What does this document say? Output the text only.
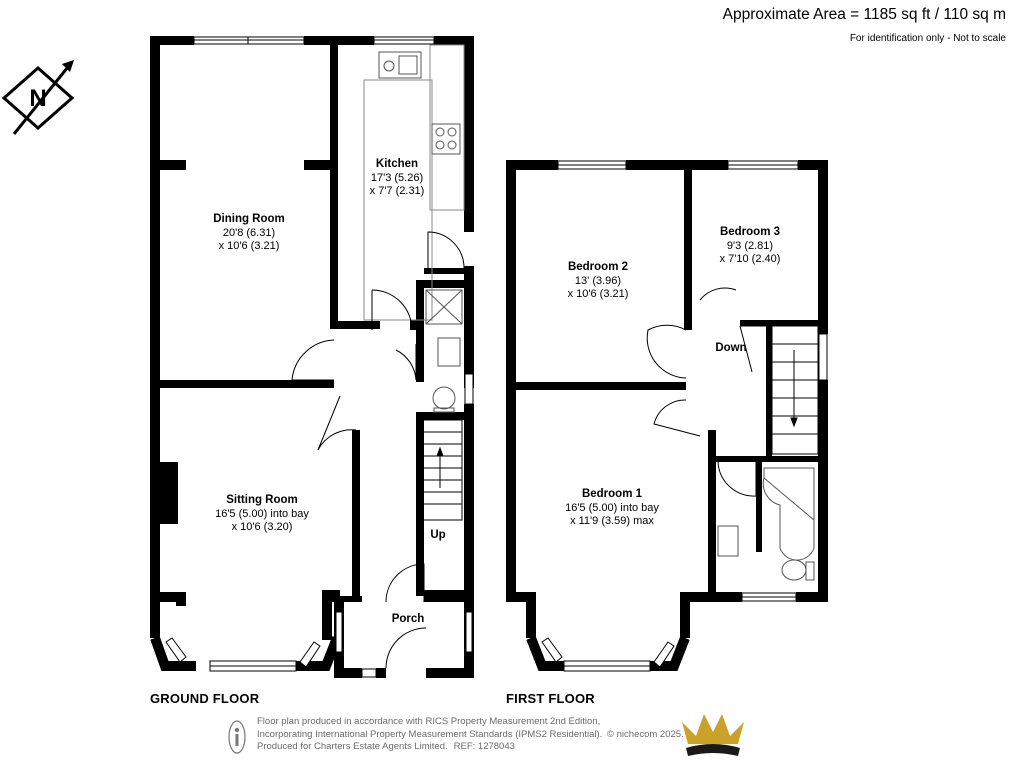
Approximate Area = 1185 sq ft / 110 sq m
For identification only - Not to scale
N
Dining Room
20'8 (6.31)
x 10'6 (3.21)
Kitchen
17'3 (5.26)
x 7'7 (2.31)
Sitting Room
16'5 (5.00) into bay
x 10'6 (3.20)
Porch
Up
Bedroom 2
13' (3.96)
x 10'6 (3.21)
Bedroom 3
9'3 (2.81)
x 7'10 (2.40)
Bedroom 1
16'5 (5.00) into bay
x 11'9 (3.59) max
Down
GROUND FLOOR	FIRST FLOOR
Floor plan produced in accordance with RICS Property Measurement 2nd Edition,
Incorporating International Property Measurement Standards (IPMS2 Residential).
Produced for Charters Estate Agents Limited. REF: 1278043
© nichecom 2025.
